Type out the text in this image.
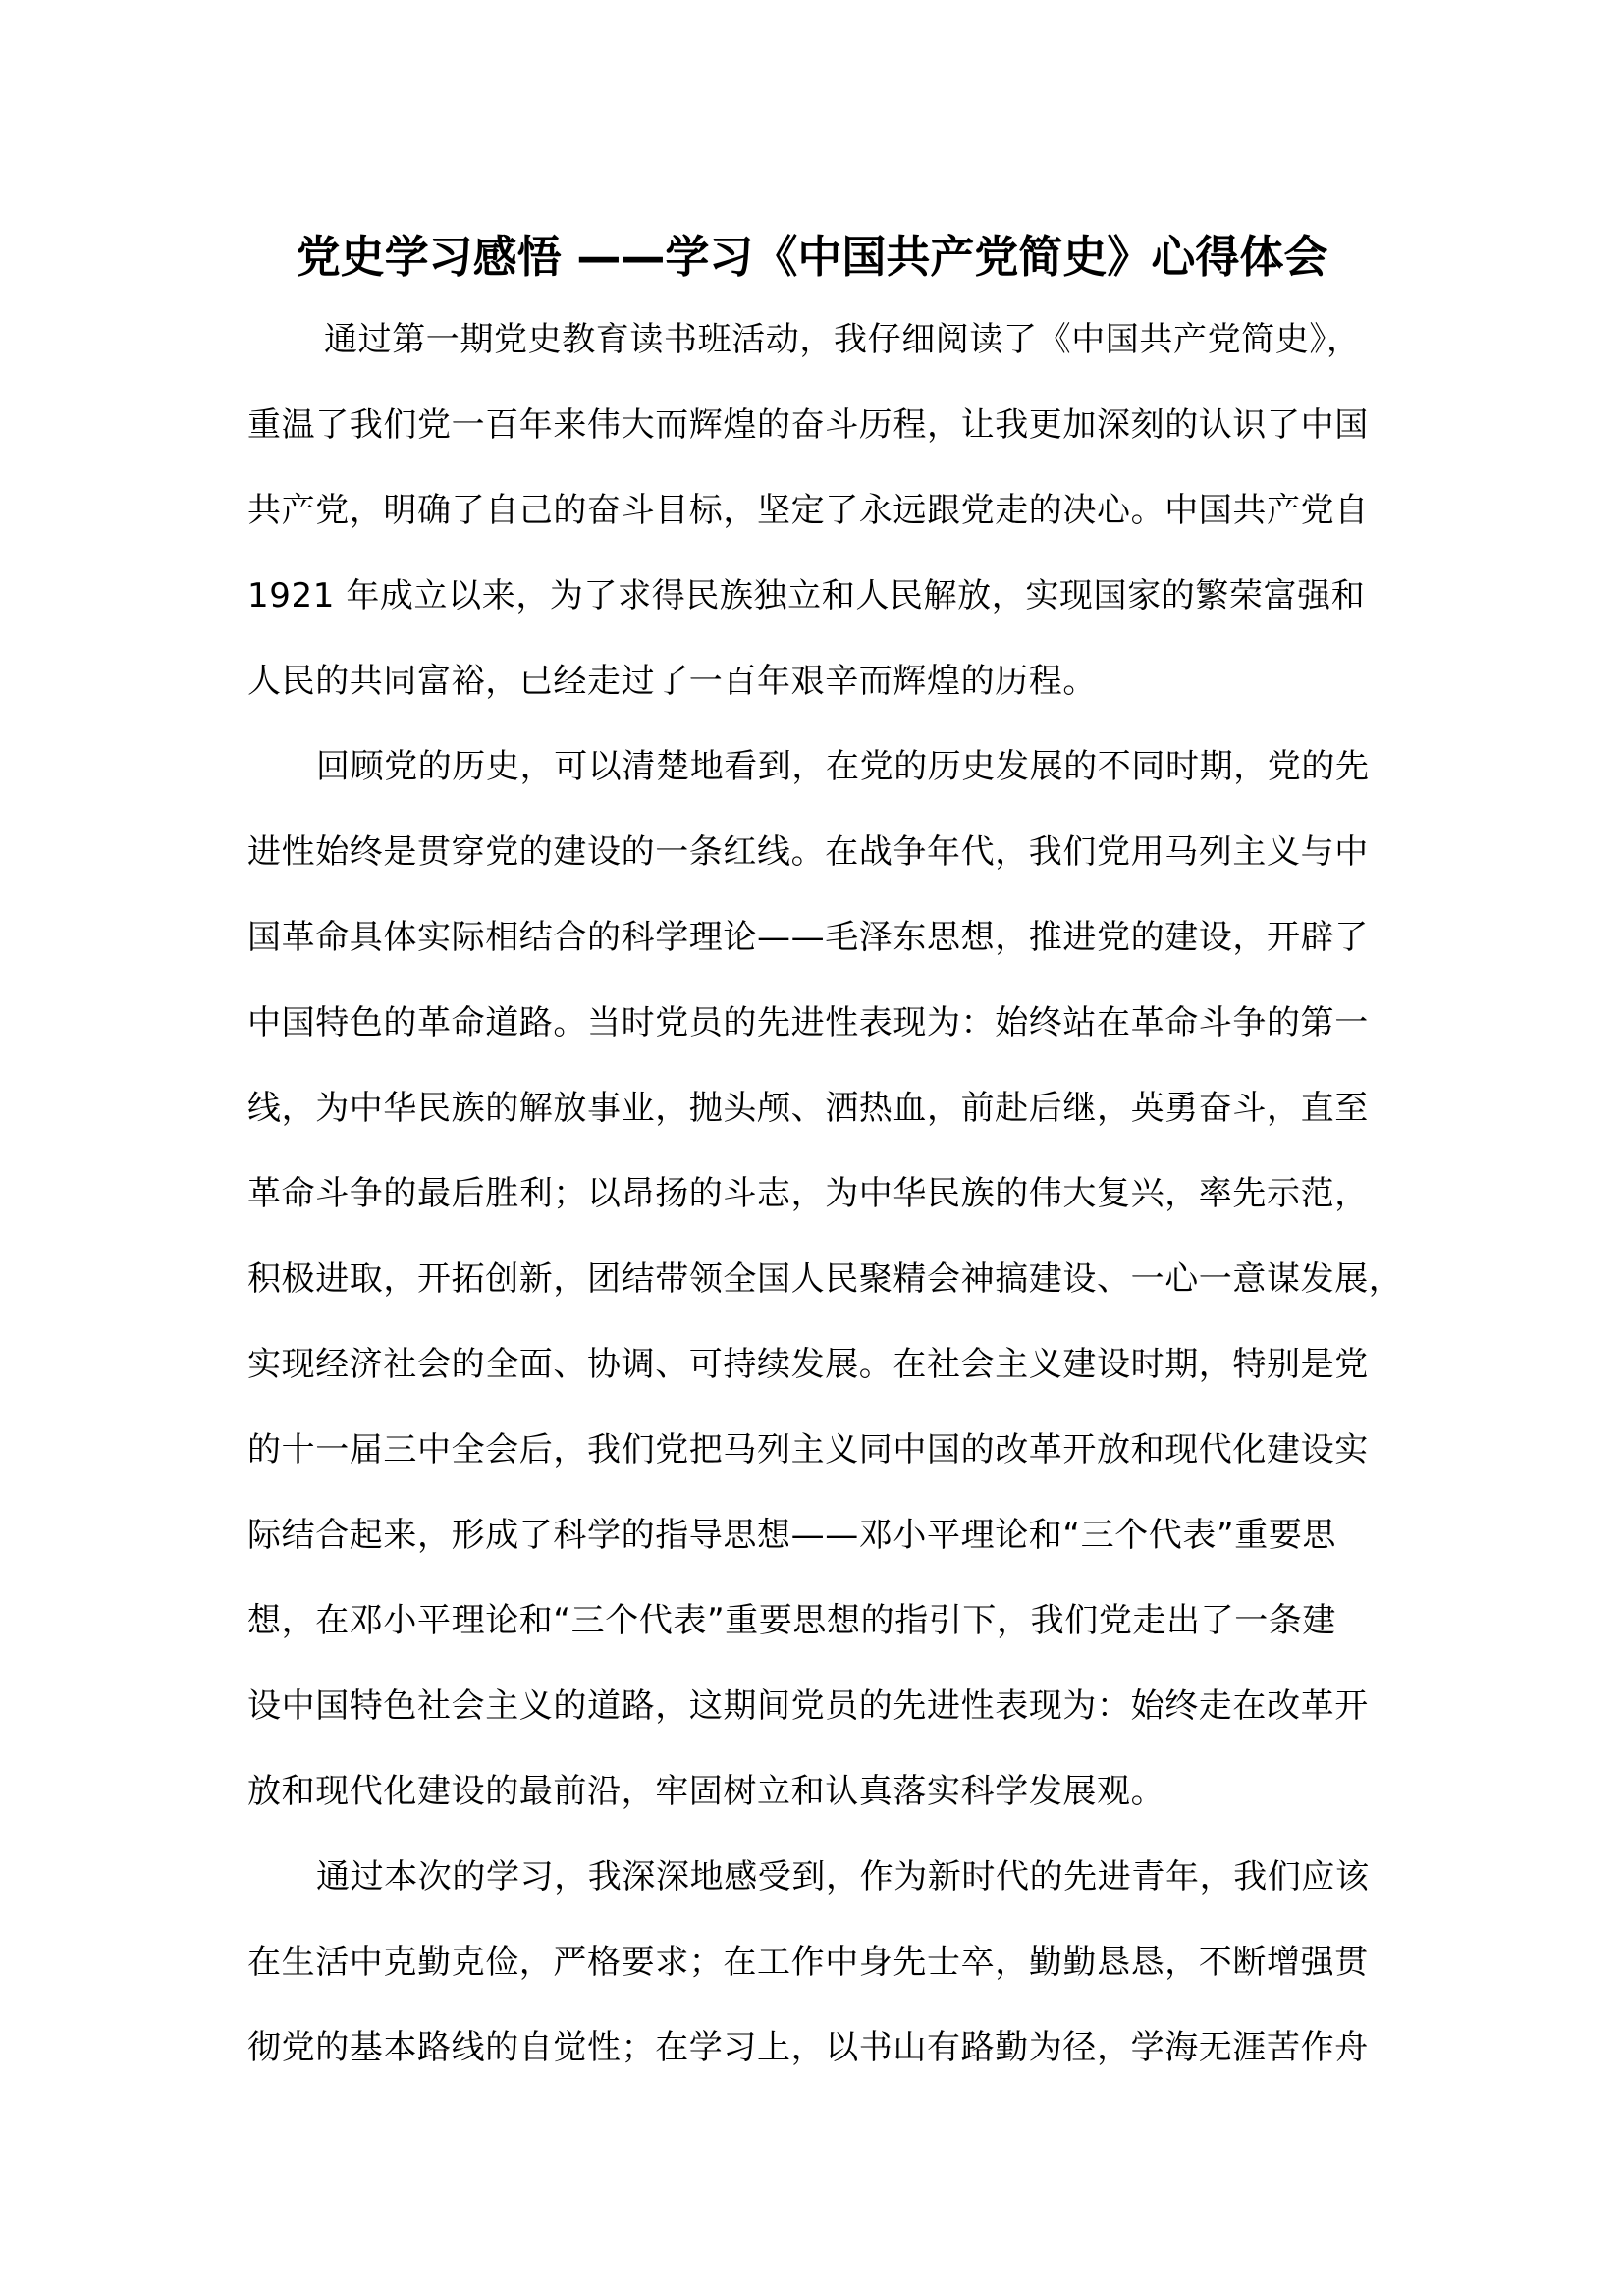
党史学习感悟 ——学习《中国共产党简史》心得体会
通过第一期党史教育读书班活动，我仔细阅读了《中国共产党简史》，
重温了我们党一百年来伟大而辉煌的奋斗历程，让我更加深刻的认识了中国
共产党，明确了自己的奋斗目标，坚定了永远跟党走的决心。中国共产党自
1921 年成立以来，为了求得民族独立和人民解放，实现国家的繁荣富强和
人民的共同富裕，已经走过了一百年艰辛而辉煌的历程。
回顾党的历史，可以清楚地看到，在党的历史发展的不同时期，党的先
进性始终是贯穿党的建设的一条红线。在战争年代，我们党用马列主义与中
国革命具体实际相结合的科学理论——毛泽东思想，推进党的建设，开辟了
中国特色的革命道路。当时党员的先进性表现为：始终站在革命斗争的第一
线，为中华民族的解放事业，抛头颅、洒热血，前赴后继，英勇奋斗，直至
革命斗争的最后胜利；以昂扬的斗志，为中华民族的伟大复兴，率先示范，
积极进取，开拓创新，团结带领全国人民聚精会神搞建设、一心一意谋发展，
实现经济社会的全面、协调、可持续发展。在社会主义建设时期，特别是党
的十一届三中全会后，我们党把马列主义同中国的改革开放和现代化建设实
际结合起来，形成了科学的指导思想——邓小平理论和“三个代表”重要思
想，在邓小平理论和“三个代表”重要思想的指引下，我们党走出了一条建
设中国特色社会主义的道路，这期间党员的先进性表现为：始终走在改革开
放和现代化建设的最前沿，牢固树立和认真落实科学发展观。
通过本次的学习，我深深地感受到，作为新时代的先进青年，我们应该
在生活中克勤克俭，严格要求；在工作中身先士卒，勤勤恳恳，不断增强贯
彻党的基本路线的自觉性；在学习上，以书山有路勤为径，学海无涯苦作舟
